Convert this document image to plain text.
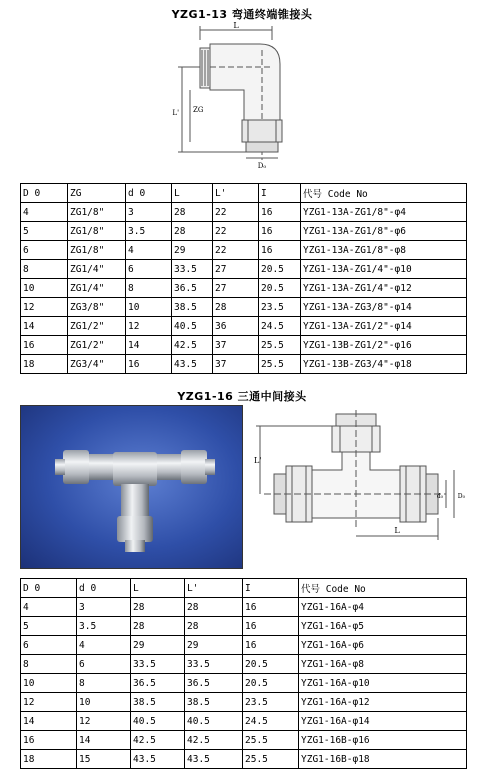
YZG1-13 弯通终端锥接头
L
L' ZG
D₀
D 0	ZG	d 0	L	L'	I	代号 Code No
4	ZG1/8"	3	28	22	16	YZG1-13A-ZG1/8"-φ4
5	ZG1/8"	3.5	28	22	16	YZG1-13A-ZG1/8"-φ6
6	ZG1/8"	4	29	22	16	YZG1-13A-ZG1/8"-φ8
8	ZG1/4"	6	33.5	27	20.5	YZG1-13A-ZG1/4"-φ10
10	ZG1/4"	8	36.5	27	20.5	YZG1-13A-ZG1/4"-φ12
12	ZG3/8"	10	38.5	28	23.5	YZG1-13A-ZG3/8"-φ14
14	ZG1/2"	12	40.5	36	24.5	YZG1-13A-ZG1/2"-φ14
16	ZG1/2"	14	42.5	37	25.5	YZG1-13B-ZG1/2"-φ16
18	ZG3/4"	16	43.5	37	25.5	YZG1-13B-ZG3/4"-φ18
YZG1-16 三通中间接头
L'
L
d₀ D₀
D 0	d 0	L	L'	I	代号 Code No
4	3	28	28	16	YZG1-16A-φ4
5	3.5	28	28	16	YZG1-16A-φ5
6	4	29	29	16	YZG1-16A-φ6
8	6	33.5	33.5	20.5	YZG1-16A-φ8
10	8	36.5	36.5	20.5	YZG1-16A-φ10
12	10	38.5	38.5	23.5	YZG1-16A-φ12
14	12	40.5	40.5	24.5	YZG1-16A-φ14
16	14	42.5	42.5	25.5	YZG1-16B-φ16
18	15	43.5	43.5	25.5	YZG1-16B-φ18
